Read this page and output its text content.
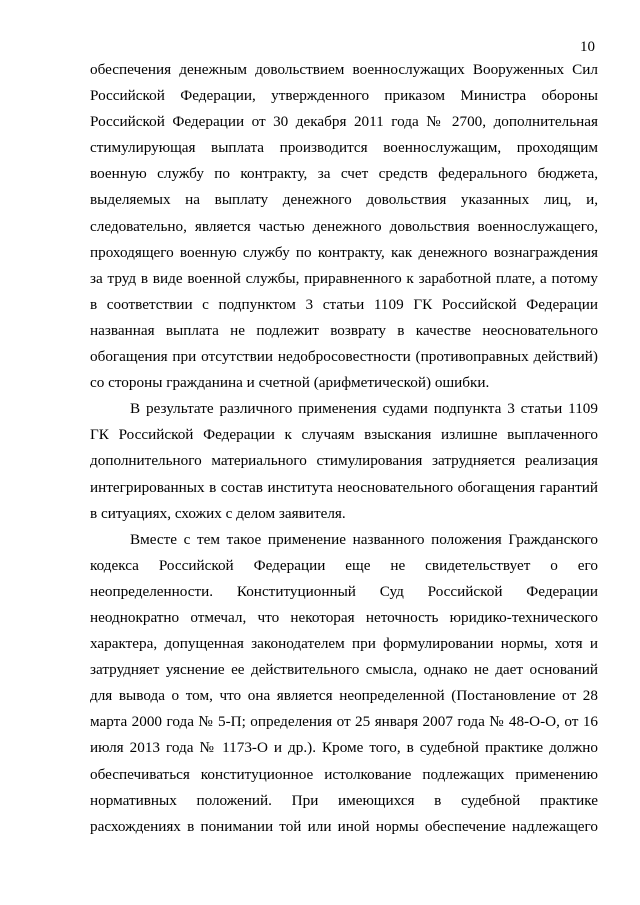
10
обеспечения денежным довольствием военнослужащих Вооруженных Сил
Российской Федерации, утвержденного приказом Министра обороны
Российской Федерации от 30 декабря 2011 года № 2700, дополнительная
стимулирующая выплата производится военнослужащим, проходящим
военную службу по контракту, за счет средств федерального бюджета,
выделяемых на выплату денежного довольствия указанных лиц, и,
следовательно, является частью денежного довольствия военнослужащего,
проходящего военную службу по контракту, как денежного вознаграждения
за труд в виде военной службы, приравненного к заработной плате, а потому
в соответствии с подпунктом 3 статьи 1109 ГК Российской Федерации
названная выплата не подлежит возврату в качестве неосновательного
обогащения при отсутствии недобросовестности (противоправных действий)
со стороны гражданина и счетной (арифметической) ошибки.
В результате различного применения судами подпункта 3 статьи 1109
ГК Российской Федерации к случаям взыскания излишне выплаченного
дополнительного материального стимулирования затрудняется реализация
интегрированных в состав института неосновательного обогащения гарантий
в ситуациях, схожих с делом заявителя.
Вместе с тем такое применение названного положения Гражданского
кодекса Российской Федерации еще не свидетельствует о его
неопределенности. Конституционный Суд Российской Федерации
неоднократно отмечал, что некоторая неточность юридико-технического
характера, допущенная законодателем при формулировании нормы, хотя и
затрудняет уяснение ее действительного смысла, однако не дает оснований
для вывода о том, что она является неопределенной (Постановление от 28
марта 2000 года № 5-П; определения от 25 января 2007 года № 48-О-О, от 16
июля 2013 года № 1173-О и др.). Кроме того, в судебной практике должно
обеспечиваться конституционное истолкование подлежащих применению
нормативных положений. При имеющихся в судебной практике
расхождениях в понимании той или иной нормы обеспечение надлежащего
